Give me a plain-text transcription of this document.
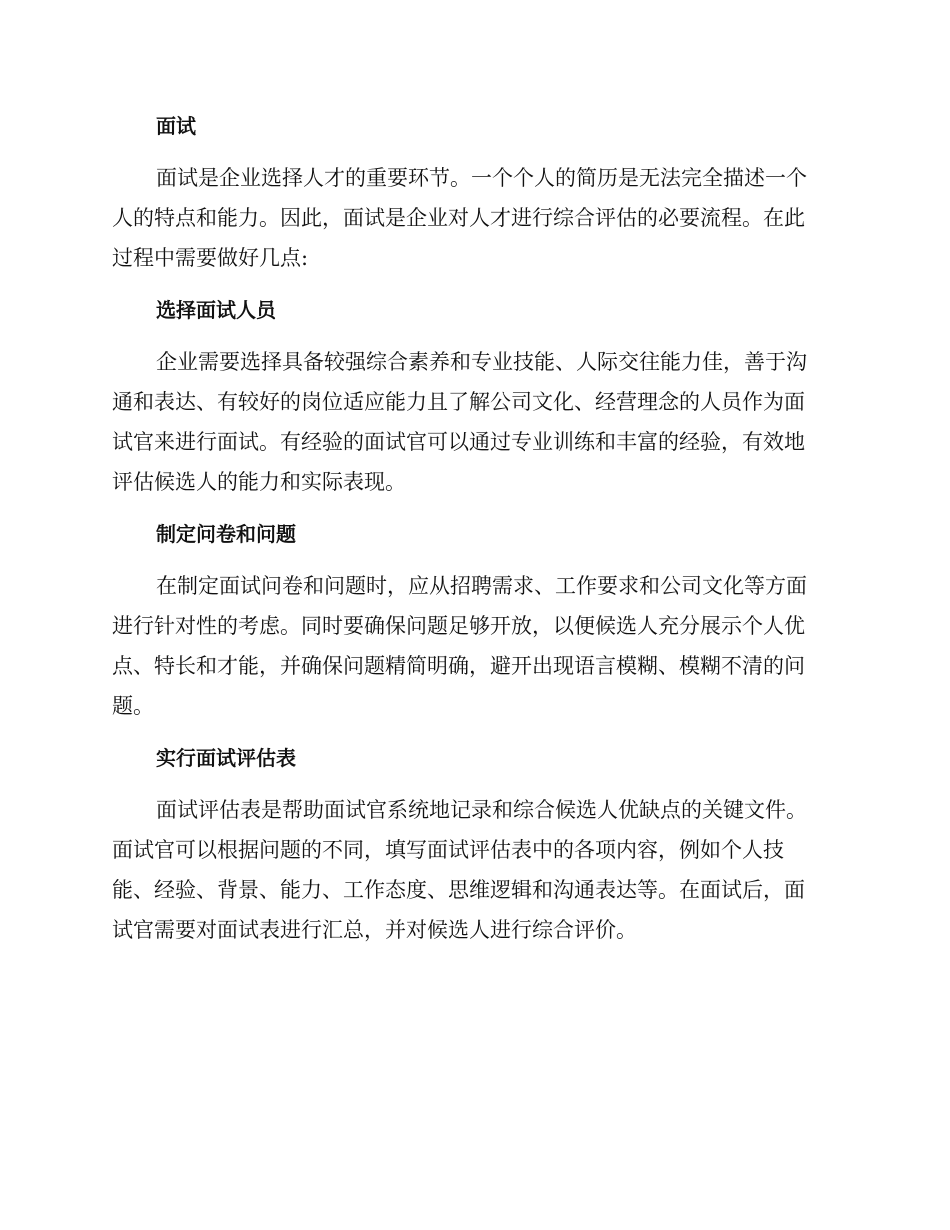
面试
面试是企业选择人才的重要环节。一个个人的简历是无法完全描述一个
人的特点和能力。因此，面试是企业对人才进行综合评估的必要流程。在此
过程中需要做好几点:
选择面试人员
企业需要选择具备较强综合素养和专业技能、人际交往能力佳，善于沟
通和表达、有较好的岗位适应能力且了解公司文化、经营理念的人员作为面
试官来进行面试。有经验的面试官可以通过专业训练和丰富的经验，有效地
评估候选人的能力和实际表现。
制定问卷和问题
在制定面试问卷和问题时，应从招聘需求、工作要求和公司文化等方面
进行针对性的考虑。同时要确保问题足够开放，以便候选人充分展示个人优
点、特长和才能，并确保问题精简明确，避开出现语言模糊、模糊不清的问
题。
实行面试评估表
面试评估表是帮助面试官系统地记录和综合候选人优缺点的关键文件。
面试官可以根据问题的不同，填写面试评估表中的各项内容，例如个人技
能、经验、背景、能力、工作态度、思维逻辑和沟通表达等。在面试后，面
试官需要对面试表进行汇总，并对候选人进行综合评价。
